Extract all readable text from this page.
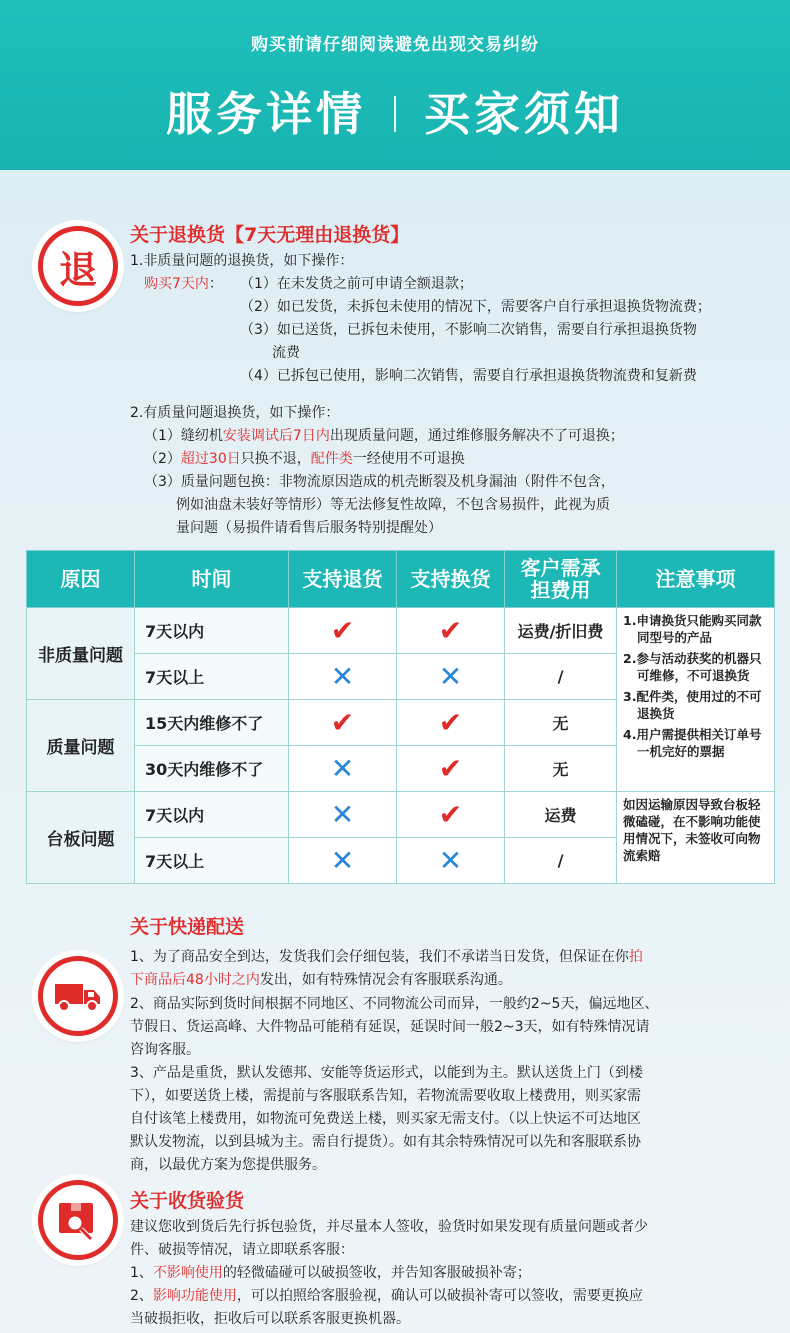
购买前请仔细阅读避免出现交易纠纷
服务详情 买家须知
退
关于退换货【7天无理由退换货】
1.非质量问题的退换货，如下操作：
购买7天内： （1）在未发货之前可申请全额退款；
（2）如已发货，未拆包未使用的情况下，需要客户自行承担退换货物流费；
（3）如已送货，已拆包未使用，不影响二次销售，需要自行承担退换货物
流费
（4）已拆包已使用，影响二次销售，需要自行承担退换货物流费和复新费
2.有质量问题退换货，如下操作：
（1）缝纫机安装调试后7日内出现质量问题，通过维修服务解决不了可退换；
（2）超过30日只换不退，配件类一经使用不可退换
（3）质量问题包换：非物流原因造成的机壳断裂及机身漏油（附件不包含，
例如油盘未装好等情形）等无法修复性故障，不包含易损件，此视为质
量问题（易损件请看售后服务特别提醒处）
原因	时间	支持退货	支持换货	客户需承担费用	注意事项
非质量问题	7天以内	✔	✔	运费/折旧费	1.申请换货只能购买同款同型号的产品
2.参与活动获奖的机器只可维修，不可退换货
3.配件类，使用过的不可退换货
4.用户需提供相关订单号一机完好的票据

	7天以上	✕	✕	/	
质量问题	15天内维修不了	✔	✔	无	
	30天内维修不了	✕	✔	无	
台板问题	7天以内	✕	✔	运费	如因运输原因导致台板轻微磕碰，在不影响功能使用情况下，未签收可向物流索赔
	7天以上	✕	✕	/	
关于快递配送
1、为了商品安全到达，发货我们会仔细包装，我们不承诺当日发货，但保证在你拍
下商品后48小时之内发出，如有特殊情况会有客服联系沟通。
2、商品实际到货时间根据不同地区、不同物流公司而异，一般约2~5天，偏远地区、
节假日、货运高峰、大件物品可能稍有延误，延误时间一般2~3天，如有特殊情况请
咨询客服。
3、产品是重货，默认发德邦、安能等货运形式，以能到为主。默认送货上门（到楼
下），如要送货上楼，需提前与客服联系告知，若物流需要收取上楼费用，则买家需
自付该笔上楼费用，如物流可免费送上楼，则买家无需支付。（以上快运不可达地区
默认发物流，以到县城为主。需自行提货）。如有其余特殊情况可以先和客服联系协
商，以最优方案为您提供服务。
关于收货验货
建议您收到货后先行拆包验货，并尽量本人签收，验货时如果发现有质量问题或者少
件、破损等情况，请立即联系客服：
1、不影响使用的轻微磕碰可以破损签收，并告知客服破损补寄；
2、影响功能使用，可以拍照给客服验视，确认可以破损补寄可以签收，需要更换应
当破损拒收，拒收后可以联系客服更换机器。
